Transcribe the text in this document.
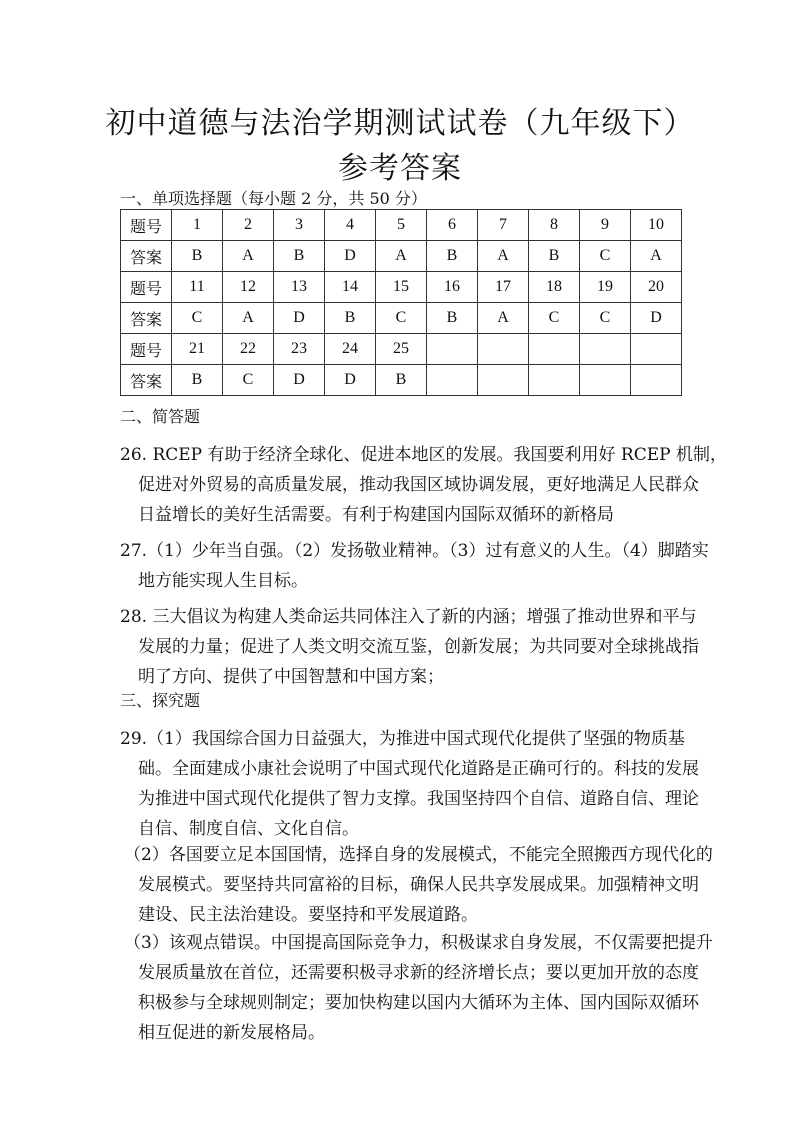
初中道德与法治学期测试试卷（九年级下）
参考答案
一、单项选择题（每小题 2 分，共 50 分）
题号	1	2	3	4	5	6	7	8	9	10
答案	B	A	B	D	A	B	A	B	C	A
题号	11	12	13	14	15	16	17	18	19	20
答案	C	A	D	B	C	B	A	C	C	D
题号	21	22	23	24	25					
答案	B	C	D	D	B					
二、简答题
26. RCEP 有助于经济全球化、促进本地区的发展。我国要利用好 RCEP 机制，
促进对外贸易的高质量发展，推动我国区域协调发展，更好地满足人民群众
日益增长的美好生活需要。有利于构建国内国际双循环的新格局
27.（1）少年当自强。（2）发扬敬业精神。（3）过有意义的人生。（4）脚踏实
地方能实现人生目标。
28. 三大倡议为构建人类命运共同体注入了新的内涵；增强了推动世界和平与
发展的力量；促进了人类文明交流互鉴，创新发展；为共同要对全球挑战指
明了方向、提供了中国智慧和中国方案；
三、探究题
29.（1）我国综合国力日益强大，为推进中国式现代化提供了坚强的物质基
础。全面建成小康社会说明了中国式现代化道路是正确可行的。科技的发展
为推进中国式现代化提供了智力支撑。我国坚持四个自信、道路自信、理论
自信、制度自信、文化自信。
（2）各国要立足本国国情，选择自身的发展模式，不能完全照搬西方现代化的
发展模式。要坚持共同富裕的目标，确保人民共享发展成果。加强精神文明
建设、民主法治建设。要坚持和平发展道路。
（3）该观点错误。中国提高国际竞争力，积极谋求自身发展，不仅需要把提升
发展质量放在首位，还需要积极寻求新的经济增长点；要以更加开放的态度
积极参与全球规则制定；要加快构建以国内大循环为主体、国内国际双循环
相互促进的新发展格局。
